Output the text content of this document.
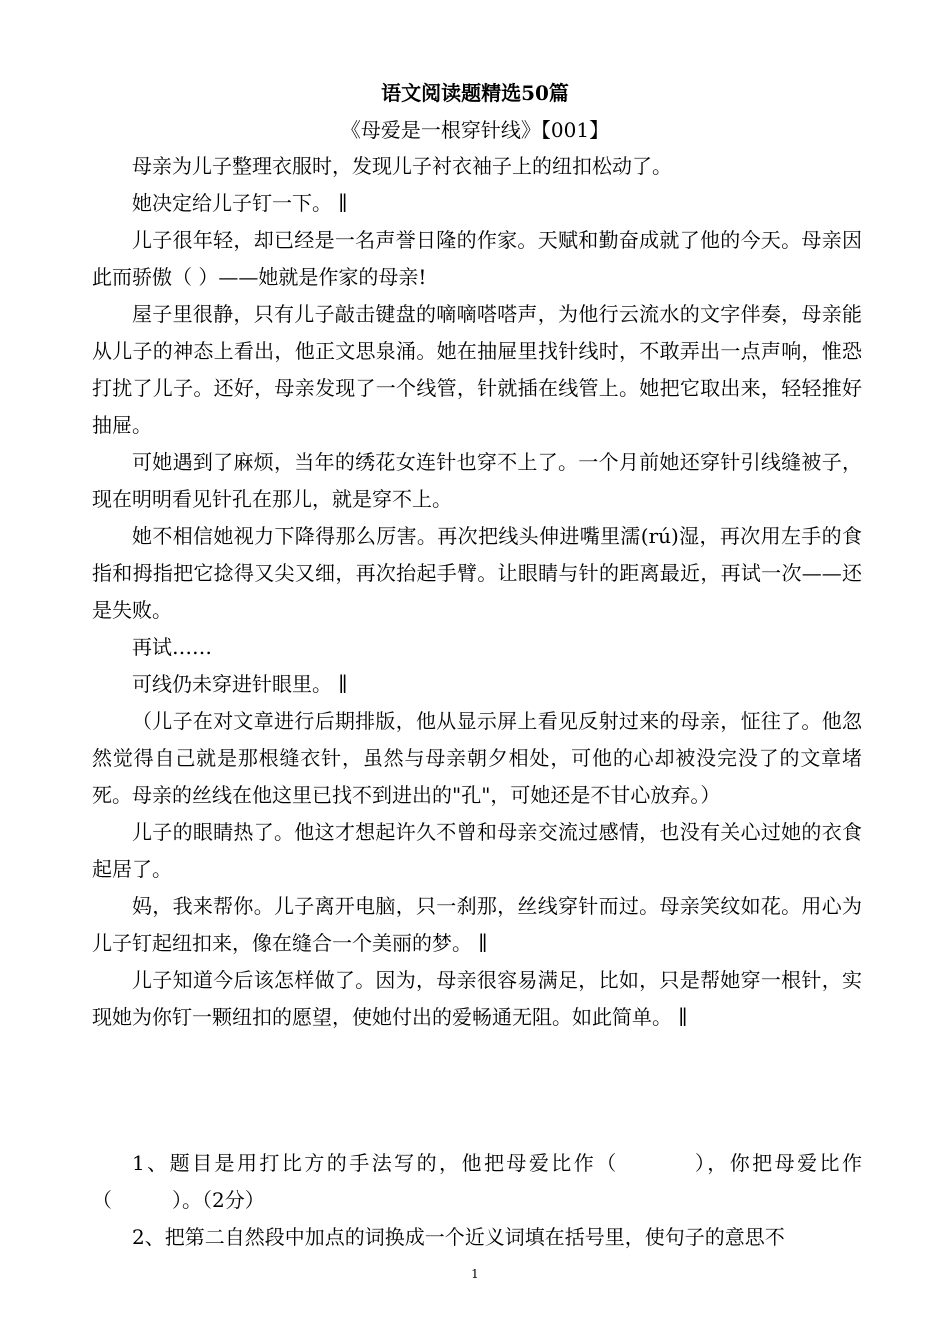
语文阅读题精选50篇
《母爱是一根穿针线》【001】

母亲为儿子整理衣服时，发现儿子衬衣袖子上的纽扣松动了。

她决定给儿子钉一下。 ∥

儿子很年轻，却已经是一名声誉日隆的作家。天赋和勤奋成就了他的今天。母亲因此而骄傲（ ）——她就是作家的母亲!

屋子里很静，只有儿子敲击键盘的嘀嘀嗒嗒声，为他行云流水的文字伴奏，母亲能从儿子的神态上看出，他正文思泉涌。她在抽屉里找针线时，不敢弄出一点声响，惟恐打扰了儿子。还好，母亲发现了一个线管，针就插在线管上。她把它取出来，轻轻推好抽屉。

可她遇到了麻烦，当年的绣花女连针也穿不上了。一个月前她还穿针引线缝被子，现在明明看见针孔在那儿，就是穿不上。

她不相信她视力下降得那么厉害。再次把线头伸进嘴里濡(rú)湿，再次用左手的食指和拇指把它捻得又尖又细，再次抬起手臂。让眼睛与针的距离最近，再试一次——还是失败。

再试……

可线仍未穿进针眼里。 ∥

（儿子在对文章进行后期排版，他从显示屏上看见反射过来的母亲，怔往了。他忽然觉得自己就是那根缝衣针，虽然与母亲朝夕相处，可他的心却被没完没了的文章堵死。母亲的丝线在他这里已找不到进出的"孔"，可她还是不甘心放弃。）

儿子的眼睛热了。他这才想起许久不曾和母亲交流过感情，也没有关心过她的衣食起居了。

妈，我来帮你。儿子离开电脑，只一刹那，丝线穿针而过。母亲笑纹如花。用心为儿子钉起纽扣来，像在缝合一个美丽的梦。 ∥

儿子知道今后该怎样做了。因为，母亲很容易满足，比如，只是帮她穿一根针，实现她为你钉一颗纽扣的愿望，使她付出的爱畅通无阻。如此简单。 ∥

1、题目是用打比方的手法写的，他把母爱比作（　　　 ），你把母爱比作（　　　）。（2分）

2、把第二自然段中加点的词换成一个近义词填在括号里，使句子的意思不

1
